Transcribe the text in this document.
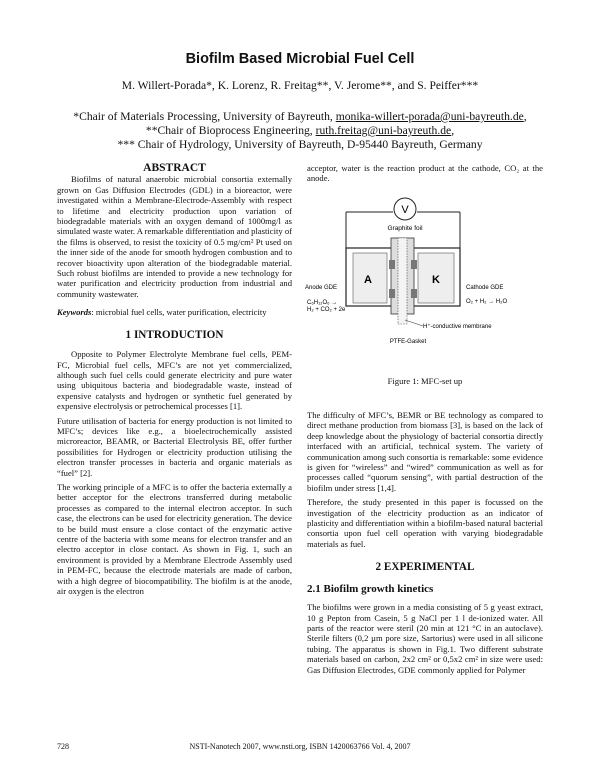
Biofilm Based Microbial Fuel Cell
M. Willert-Porada*, K. Lorenz, R. Freitag**, V. Jerome**, and S. Peiffer***
*Chair of Materials Processing, University of Bayreuth, monika-willert-porada@uni-bayreuth.de,
**Chair of Bioprocess Engineering, ruth.freitag@uni-bayreuth.de,
*** Chair of Hydrology, University of Bayreuth, D-95440 Bayreuth, Germany
ABSTRACT

Biofilms of natural anaerobic microbial consortia externally grown on Gas Diffusion Electrodes (GDL) in a bioreactor, were investigated within a Membrane-Electrode-Assembly with respect to lifetime and electricity production upon variation of biodegradable materials with an oxygen demand of 1000mg/l as simulated waste water. A remarkable differentiation and plasticity of the films is observed, to resist the toxicity of 0.5 mg/cm² Pt used on the inner side of the anode for smooth hydrogen combustion and to recover bioactivity upon alteration of the biodegradable material. Such robust biofilms are intended to provide a new technology for water purification and electricity production from industrial and community wastewater.

Keywords: microbial fuel cells, water purification, electricity

1 INTRODUCTION

Opposite to Polymer Electrolyte Membrane fuel cells, PEM-FC, Microbial fuel cells, MFC’s are not yet commercialized, although such fuel cells could generate electricity and pure water using ubiquitous bacteria and biodegradable waste, instead of expensive catalysts and hydrogen or synthetic fuel generated by expensive electrolysis or petrochemical processes [1].

Future utilisation of bacteria for energy production is not limited to MFC’s; devices like e.g., a bioelectrochemically assisted microreactor, BEAMR, or Bacterial Electrolysis BE, offer further possibilities for Hydrogen or electricity production utilising the electron transfer processes in bacteria and organic materials as “fuel” [2].

The working principle of a MFC is to offer the bacteria externally a better acceptor for the electrons transferred during metabolic processes as compared to the internal electron acceptor. In such case, the electrons can be used for electricity generation. The device to be build must ensure a close contact of the enzymatic active centre of the bacteria with some means for electron transfer and an electro acceptor in close contact. As shown in Fig. 1, such an environment is provided by a Membrane Electrode Assembly used in PEM-FC, because the electrode materials are made of carbon, with a high degree of biocompatibility. The biofilm is at the anode, air oxygen is the electron

acceptor, water is the reaction product at the cathode, CO₂ at the anode.

V
Graphite foil
A	K
Anode GDE
C₆H₁₂O₆ →
H₂ + CO₂ + 2e
Cathode GDE
O₂ + H₂ → H₂O
H⁺-conductive membrane
PTFE-Gasket
Figure 1: MFC-set up

The difficulty of MFC’s, BEMR or BE technology as compared to direct methane production from biomass [3], is based on the lack of deep knowledge about the physiology of bacterial consortia directly interfaced with an artificial, technical system. The variety of communication among such consortia is remarkable: some evidence is given for “wireless” and “wired” communication as well as for processes called “quorum sensing”, with partial destruction of the biofilm under stress [1,4].

Therefore, the study presented in this paper is focussed on the investigation of the electricity production as an indicator of plasticity and differentiation within a biofilm-based natural bacterial consortia upon fuel cell operation with varying biodegradable materials as fuel.

2 EXPERIMENTAL
2.1 Biofilm growth kinetics

The biofilms were grown in a media consisting of 5 g yeast extract, 10 g Pepton from Casein, 5 g NaCl per 1 l de-ionized water. All parts of the reactor were steril (20 min at 121 °C in an autoclave). Sterile filters (0,2 µm pore size, Sartorius) were used in all silicone tubing. The apparatus is shown in Fig.1. Two different substrate materials based on carbon, 2x2 cm² or 0,5x2 cm² in size were used: Gas Diffusion Electrodes, GDE commonly applied for Polymer

728	NSTI-Nanotech 2007, www.nsti.org, ISBN 1420063766 Vol. 4, 2007
